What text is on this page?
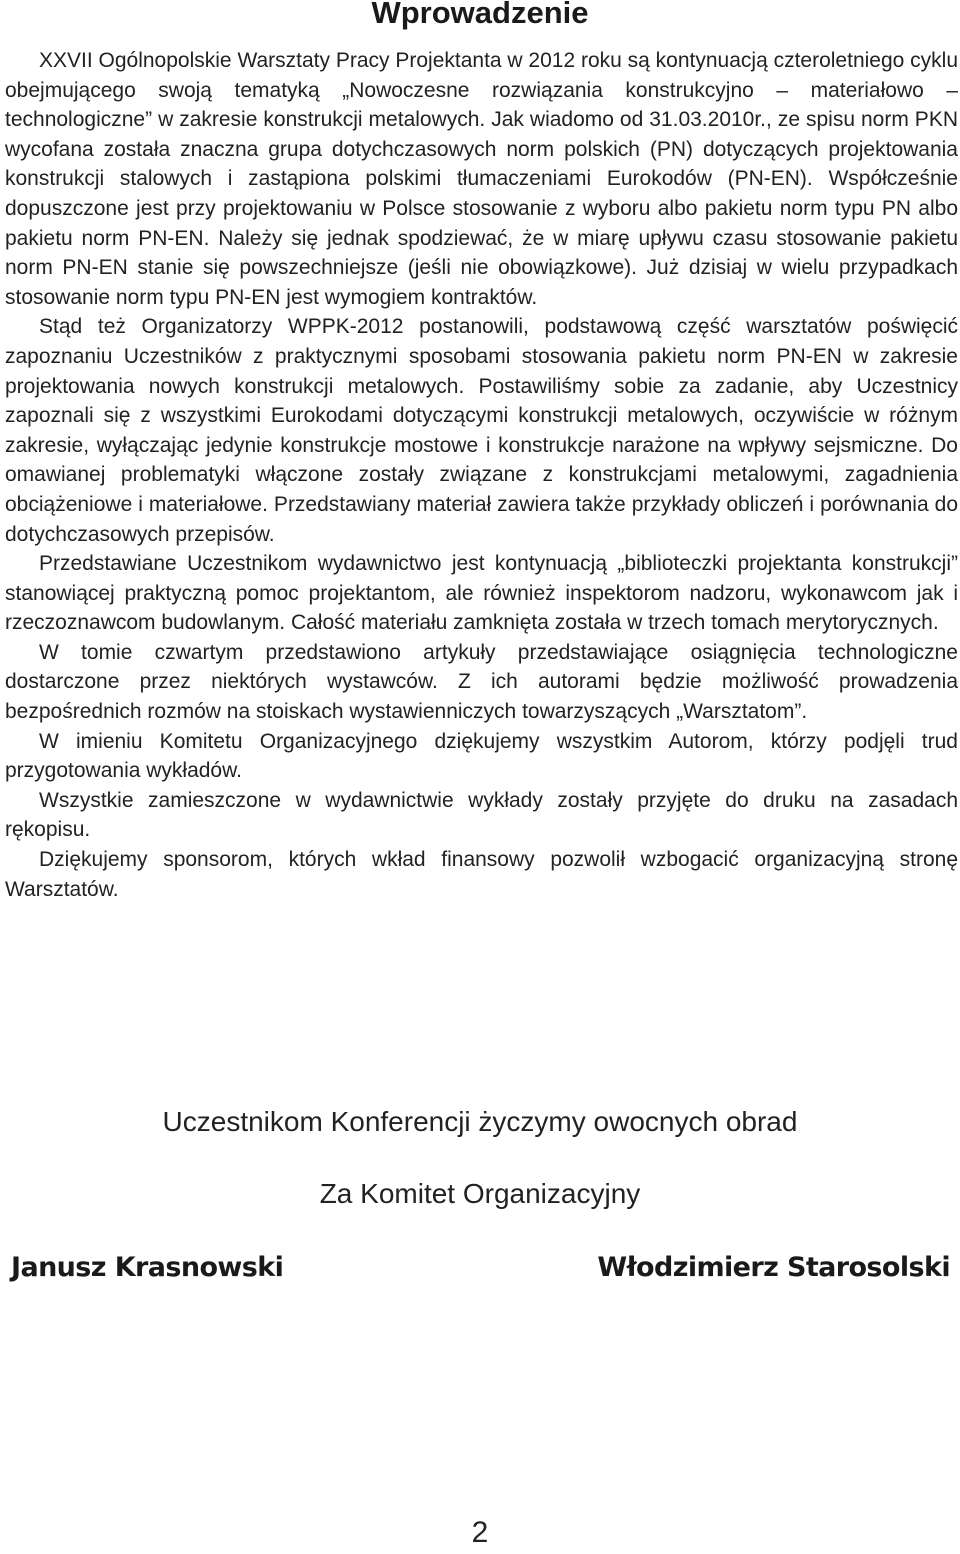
Wprowadzenie

XXVII Ogólnopolskie Warsztaty Pracy Projektanta w 2012 roku są kontynuacją czteroletniego cyklu obejmującego swoją tematyką „Nowoczesne rozwiązania konstrukcyjno – materiałowo – technologiczne” w zakresie konstrukcji metalowych. Jak wiadomo od 31.03.2010r., ze spisu norm PKN wycofana została znaczna grupa dotychczasowych norm polskich (PN) dotyczących projektowania konstrukcji stalowych i zastąpiona polskimi tłumaczeniami Eurokodów (PN-EN). Współcześnie dopuszczone jest przy projektowaniu w Polsce stosowanie z wyboru albo pakietu norm typu PN albo pakietu norm PN-EN. Należy się jednak spodziewać, że w miarę upływu czasu stosowanie pakietu norm PN-EN stanie się powszechniejsze (jeśli nie obowiązkowe). Już dzisiaj w wielu przypadkach stosowanie norm typu PN-EN jest wymogiem kontraktów.

Stąd też Organizatorzy WPPK-2012 postanowili, podstawową część warsztatów poświęcić zapoznaniu Uczestników z praktycznymi sposobami stosowania pakietu norm PN-EN w zakresie projektowania nowych konstrukcji metalowych. Postawiliśmy sobie za zadanie, aby Uczestnicy zapoznali się z wszystkimi Eurokodami dotyczącymi konstrukcji metalowych, oczywiście w różnym zakresie, wyłączając jedynie konstrukcje mostowe i konstrukcje narażone na wpływy sejsmiczne. Do omawianej problematyki włączone zostały związane z konstrukcjami metalowymi, zagadnienia obciążeniowe i materiałowe. Przedstawiany materiał zawiera także przykłady obliczeń i porównania do dotychczasowych przepisów.

Przedstawiane Uczestnikom wydawnictwo jest kontynuacją „biblioteczki projektanta konstrukcji” stanowiącej praktyczną pomoc projektantom, ale również inspektorom nadzoru, wykonawcom jak i rzeczoznawcom budowlanym. Całość materiału zamknięta została w trzech tomach merytorycznych.

W tomie czwartym przedstawiono artykuły przedstawiające osiągnięcia technologiczne dostarczone przez niektórych wystawców. Z ich autorami będzie możliwość prowadzenia bezpośrednich rozmów na stoiskach wystawienniczych towarzyszących „Warsztatom”.

W imieniu Komitetu Organizacyjnego dziękujemy wszystkim Autorom, którzy podjęli trud przygotowania wykładów.

Wszystkie zamieszczone w wydawnictwie wykłady zostały przyjęte do druku na zasadach rękopisu.

Dziękujemy sponsorom, których wkład finansowy pozwolił wzbogacić organizacyjną stronę Warsztatów.

Uczestnikom Konferencji życzymy owocnych obrad

Za Komitet Organizacyjny

Janusz Krasnowski	Włodzimierz Starosolski

2
